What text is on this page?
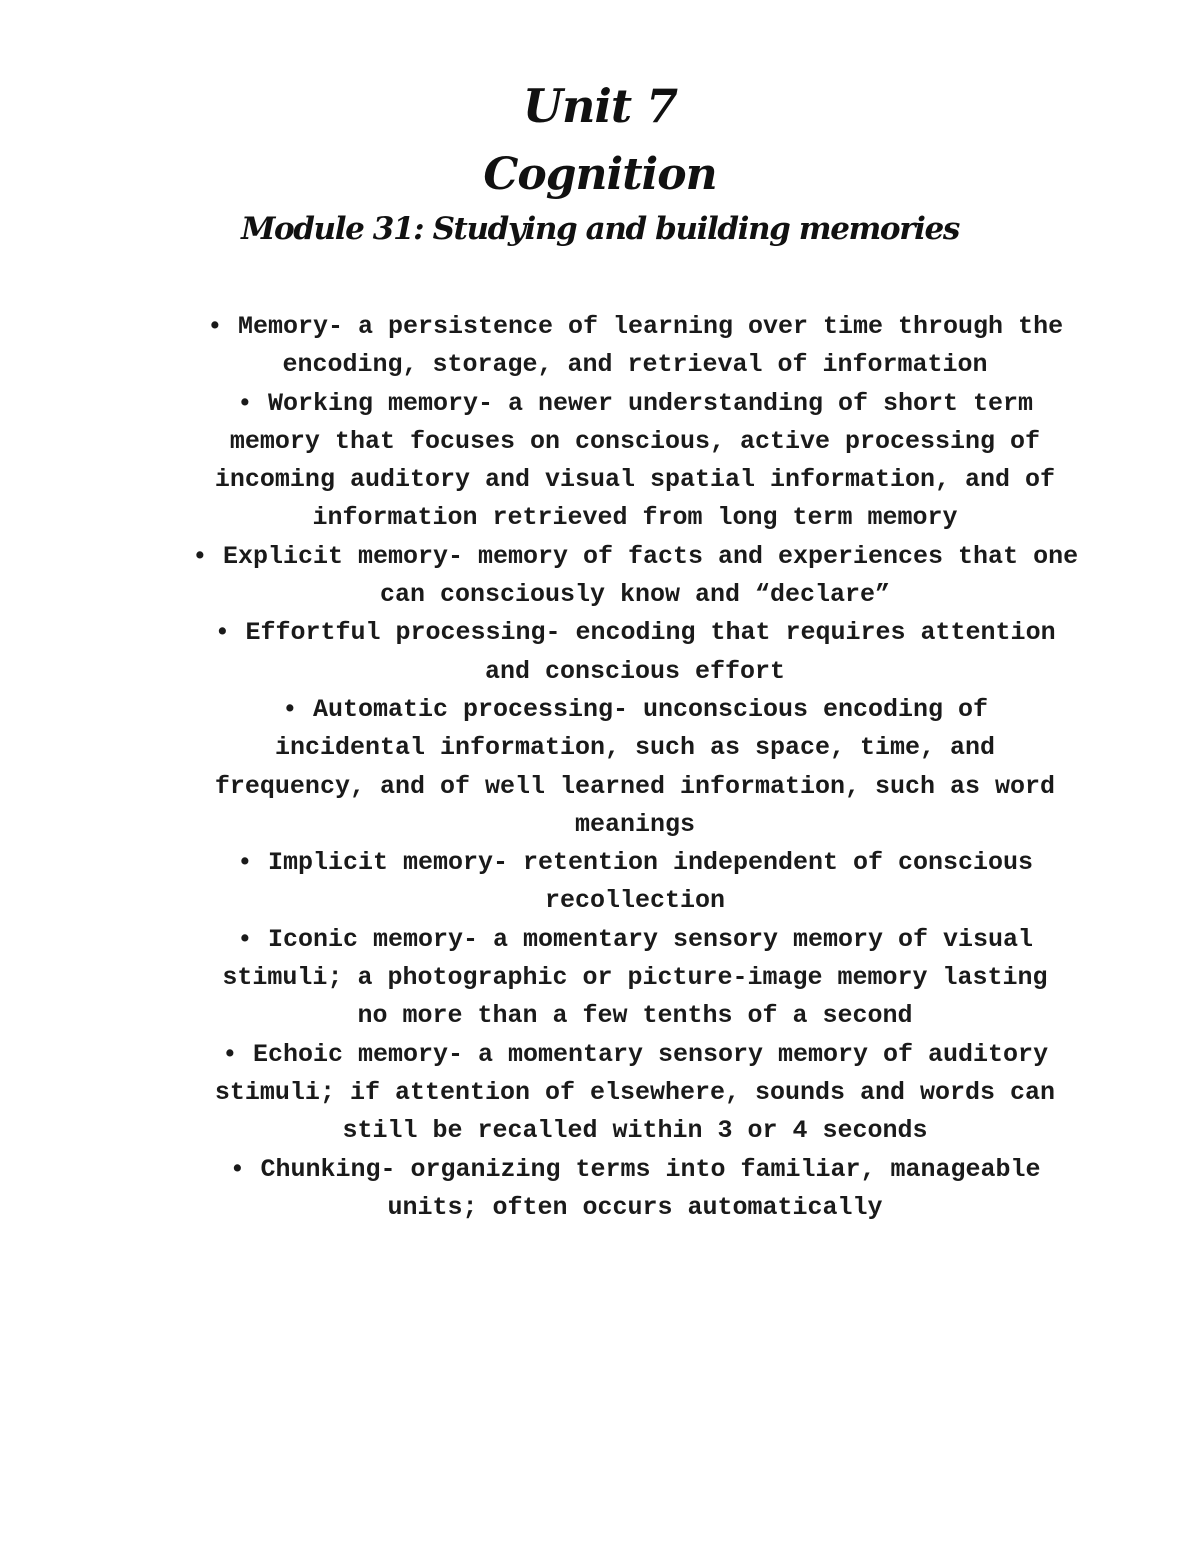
Unit 7
Cognition
Module 31: Studying and building memories
• Memory- a persistence of learning over time through the encoding, storage, and retrieval of information
• Working memory- a newer understanding of short term memory that focuses on conscious, active processing of incoming auditory and visual spatial information, and of information retrieved from long term memory
• Explicit memory- memory of facts and experiences that one can consciously know and “declare”
• Effortful processing- encoding that requires attention and conscious effort
• Automatic processing- unconscious encoding of incidental information, such as space, time, and frequency, and of well learned information, such as word meanings
• Implicit memory- retention independent of conscious recollection
• Iconic memory- a momentary sensory memory of visual stimuli; a photographic or picture-image memory lasting no more than a few tenths of a second
• Echoic memory- a momentary sensory memory of auditory stimuli; if attention of elsewhere, sounds and words can still be recalled within 3 or 4 seconds
• Chunking- organizing terms into familiar, manageable units; often occurs automatically
